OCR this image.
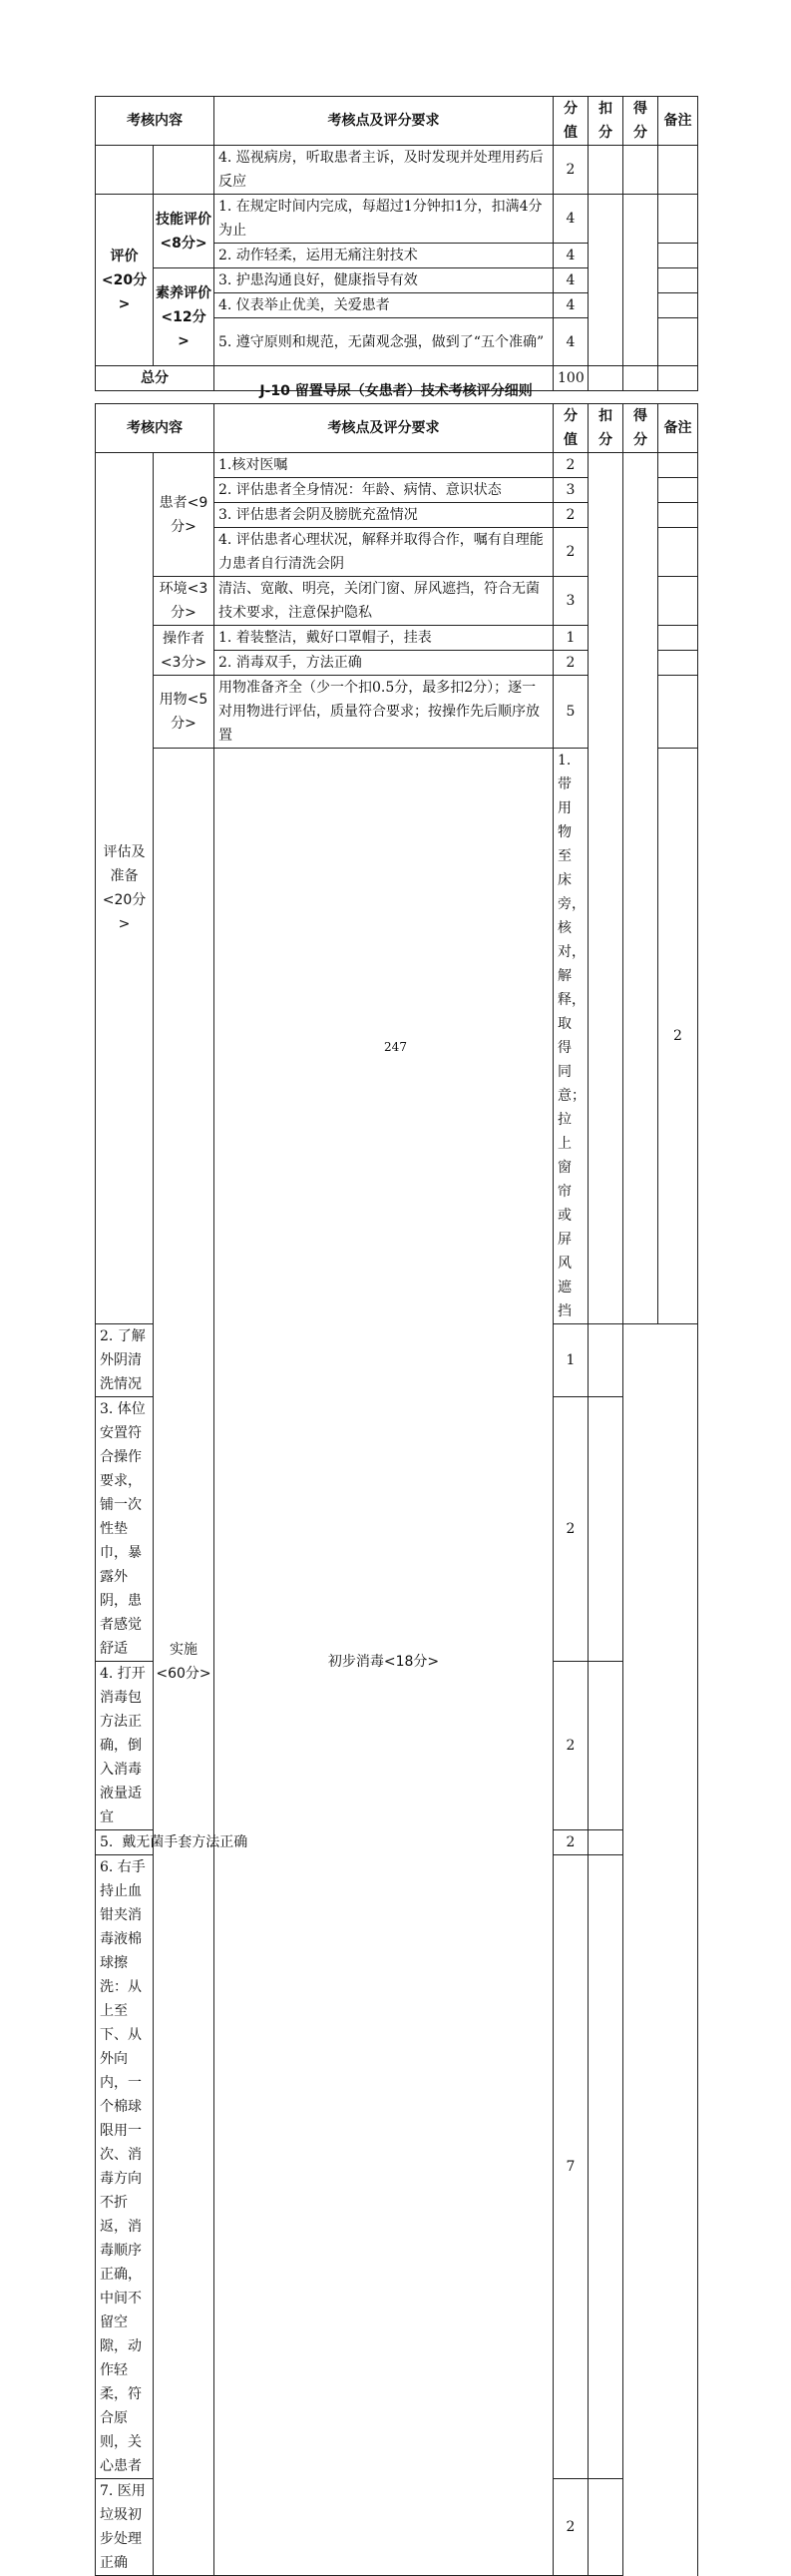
考核内容		考核点及评分要求	分值	扣分	得分	备注
		4. 巡视病房，听取患者主诉，及时发现并处理用药后反应	2			
评价<20分>	技能评价<8分>	1. 在规定时间内完成，每超过1分钟扣1分，扣满4分为止	4			
		2. 动作轻柔，运用无痛注射技术	4			
	素养评价<12分>	3. 护患沟通良好，健康指导有效	4			
		4. 仪表举止优美，关爱患者	4			
		5. 遵守原则和规范，无菌观念强，做到了“五个准确”	4			
总分			100			
J-10 留置导尿（女患者）技术考核评分细则
考核内容		考核点及评分要求	分值	扣分	得分	备注	
评估及准备<20分>	患者<9分>	1.核对医嘱	2				
		2. 评估患者全身情况：年龄、病情、意识状态	3				
		3. 评估患者会阴及膀胱充盈情况	2				
		4. 评估患者心理状况，解释并取得合作，嘱有自理能力患者自行清洗会阴	2				
	环境<3分>	清洁、宽敞、明亮，关闭门窗、屏风遮挡，符合无菌技术要求，注意保护隐私	3				
	操作者<3分>	1. 着装整洁，戴好口罩帽子，挂表	1				
		2. 消毒双手，方法正确	2				
	用物<5分>	用物准备齐全（少一个扣0.5分，最多扣2分）；逐一对用物进行评估，质量符合要求；按操作先后顺序放置	5				
	实施<60分>	初步消毒<18分>	1. 带用物至床旁，核对，解释，取得同意；拉上窗帘或屏风遮挡			2			
2. 了解外阴清洗情况			1				
3. 体位安置符合操作要求，铺一次性垫巾，暴露外阴，患者感觉舒适			2				
4. 打开消毒包方法正确，倒入消毒液量适宜			2				
5.  戴无菌手套方法正确			2				
6. 右手持止血钳夹消毒液棉球擦洗：从上至下、从外向内，一个棉球限用一次、消毒方向不折返，消毒顺序正确，中间不留空隙，动作轻柔，符合原则，关心患者			7				
7. 医用垃圾初步处理正确			2				
247
